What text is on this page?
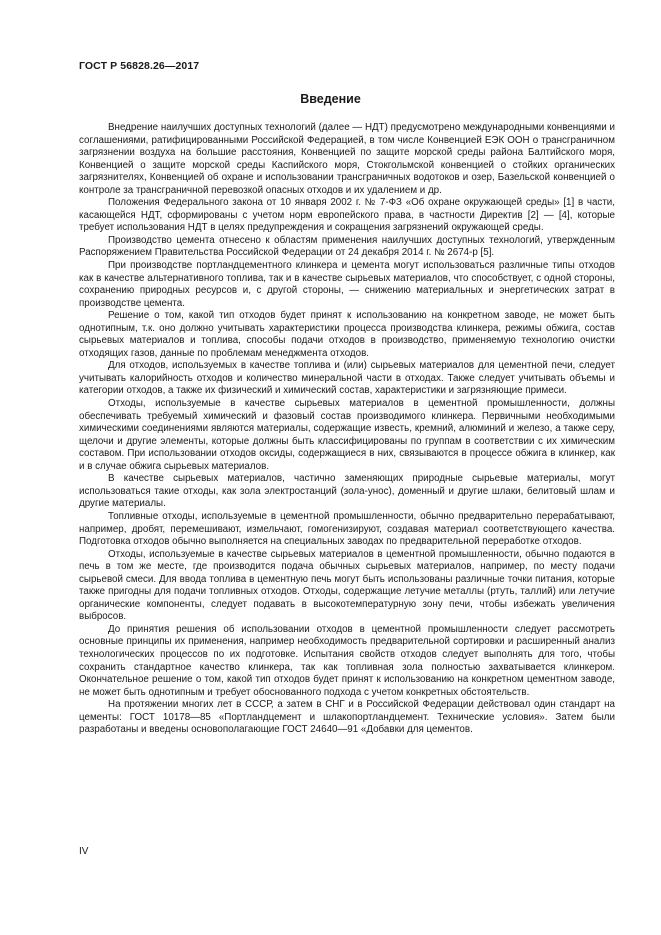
ГОСТ Р 56828.26—2017
Введение

Внедрение наилучших доступных технологий (далее — НДТ) предусмотрено международными конвенциями и соглашениями, ратифицированными Российской Федерацией, в том числе Конвенцией ЕЭК ООН о трансграничном загрязнении воздуха на большие расстояния, Конвенцией по защите морской среды района Балтийского моря, Конвенцией о защите морской среды Каспийского моря, Стокгольмской конвенцией о стойких органических загрязнителях, Конвенцией об охране и использовании трансграничных водотоков и озер, Базельской конвенцией о контроле за трансграничной перевозкой опасных отходов и их удалением и др.

Положения Федерального закона от 10 января 2002 г. № 7-ФЗ «Об охране окружающей среды» [1] в части, касающейся НДТ, сформированы с учетом норм европейского права, в частности Директив [2] — [4], которые требует использования НДТ в целях предупреждения и сокращения загрязнений окружающей среды.

Производство цемента отнесено к областям применения наилучших доступных технологий, утвержденным Распоряжением Правительства Российской Федерации от 24 декабря 2014 г. № 2674-р [5].

При производстве портландцементного клинкера и цемента могут использоваться различные типы отходов как в качестве альтернативного топлива, так и в качестве сырьевых материалов, что способствует, с одной стороны, сохранению природных ресурсов и, с другой стороны, — снижению материальных и энергетических затрат в производстве цемента.

Решение о том, какой тип отходов будет принят к использованию на конкретном заводе, не может быть однотипным, т.к. оно должно учитывать характеристики процесса производства клинкера, режимы обжига, состав сырьевых материалов и топлива, способы подачи отходов в производство, применяемую технологию очистки отходящих газов, данные по проблемам менеджмента отходов.

Для отходов, используемых в качестве топлива и (или) сырьевых материалов для цементной печи, следует учитывать калорийность отходов и количество минеральной части в отходах. Также следует учитывать объемы и категории отходов, а также их физический и химический состав, характеристики и загрязняющие примеси.

Отходы, используемые в качестве сырьевых материалов в цементной промышленности, должны обеспечивать требуемый химический и фазовый состав производимого клинкера. Первичными необходимыми химическими соединениями являются материалы, содержащие известь, кремний, алюминий и железо, а также серу, щелочи и другие элементы, которые должны быть классифицированы по группам в соответствии с их химическим составом. При использовании отходов оксиды, содержащиеся в них, связываются в процессе обжига в клинкер, как и в случае обжига сырьевых материалов.

В качестве сырьевых материалов, частично заменяющих природные сырьевые материалы, могут использоваться такие отходы, как зола электростанций (зола-унос), доменный и другие шлаки, белитовый шлам и другие материалы.

Топливные отходы, используемые в цементной промышленности, обычно предварительно перерабатывают, например, дробят, перемешивают, измельчают, гомогенизируют, создавая материал соответствующего качества. Подготовка отходов обычно выполняется на специальных заводах по предварительной переработке отходов.

Отходы, используемые в качестве сырьевых материалов в цементной промышленности, обычно подаются в печь в том же месте, где производится подача обычных сырьевых материалов, например, по месту подачи сырьевой смеси. Для ввода топлива в цементную печь могут быть использованы различные точки питания, которые также пригодны для подачи топливных отходов. Отходы, содержащие летучие металлы (ртуть, таллий) или летучие органические компоненты, следует подавать в высокотемпературную зону печи, чтобы избежать увеличения выбросов.

До принятия решения об использовании отходов в цементной промышленности следует рассмотреть основные принципы их применения, например необходимость предварительной сортировки и расширенный анализ технологических процессов по их подготовке. Испытания свойств отходов следует выполнять для того, чтобы сохранить стандартное качество клинкера, так как топливная зола полностью захватывается клинкером. Окончательное решение о том, какой тип отходов будет принят к использованию на конкретном цементном заводе, не может быть однотипным и требует обоснованного подхода с учетом конкретных обстоятельств.

На протяжении многих лет в СССР, а затем в СНГ и в Российской Федерации действовал один стандарт на цементы: ГОСТ 10178—85 «Портландцемент и шлакопортландцемент. Технические условия». Затем были разработаны и введены основополагающие ГОСТ 24640—91 «Добавки для цементов.

IV
